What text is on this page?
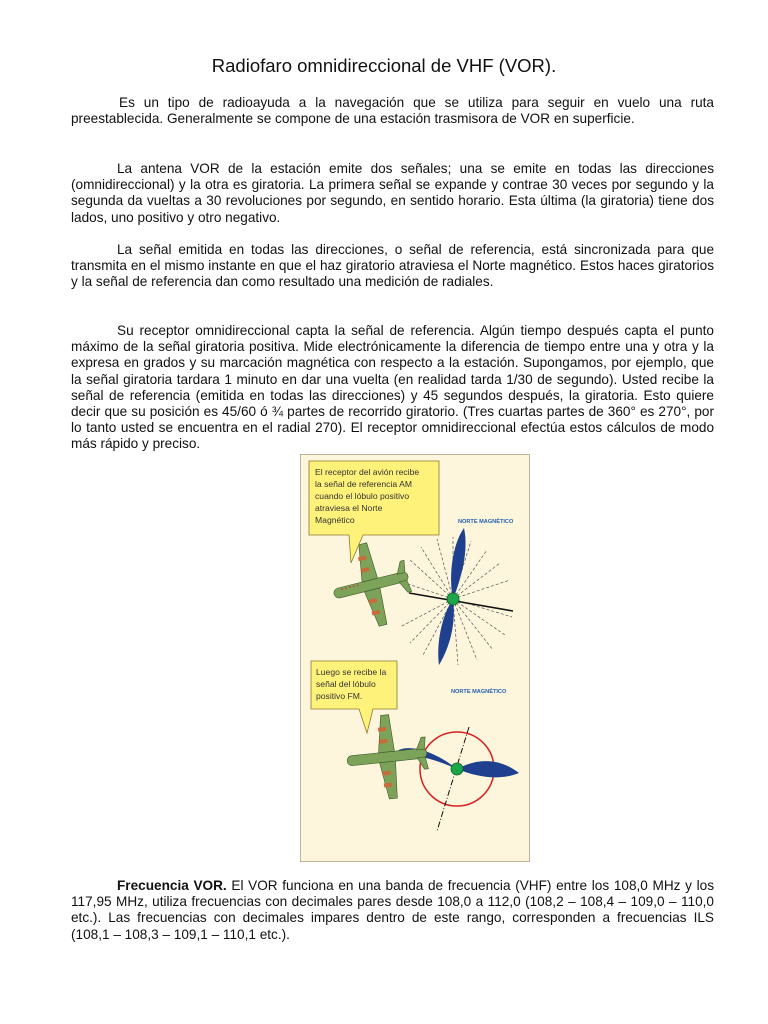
Radiofaro omnidireccional de VHF (VOR).

Es un tipo de radioayuda a la navegación que se utiliza para seguir en vuelo una ruta preestablecida. Generalmente se compone de una estación trasmisora de VOR en superficie.

La antena VOR de la estación emite dos señales; una se emite en todas las direcciones (omnidireccional) y la otra es giratoria. La primera señal se expande y contrae 30 veces por segundo y la segunda da vueltas a 30 revoluciones por segundo, en sentido horario. Esta última (la giratoria) tiene dos lados, uno positivo y otro negativo.

La señal emitida en todas las direcciones, o señal de referencia, está sincronizada para que transmita en el mismo instante en que el haz giratorio atraviesa el Norte magnético. Estos haces giratorios y la señal de referencia dan como resultado una medición de radiales.

Su receptor omnidireccional capta la señal de referencia. Algún tiempo después capta el punto máximo de la señal giratoria positiva. Mide electrónicamente la diferencia de tiempo entre una y otra y la expresa en grados y su marcación magnética con respecto a la estación. Supongamos, por ejemplo, que la señal giratoria tardara 1 minuto en dar una vuelta (en realidad tarda 1/30 de segundo). Usted recibe la señal de referencia (emitida en todas las direcciones) y 45 segundos después, la giratoria. Esto quiere decir que su posición es 45/60 ó ¾ partes de recorrido giratorio. (Tres cuartas partes de 360° es 270°, por lo tanto usted se encuentra en el radial 270). El receptor omnidireccional efectúa estos cálculos de modo más rápido y preciso.

NORTE MAGNÉTICO
El receptor del avión recibe
la señal de referencia AM
cuando el lóbulo positivo
atraviesa el Norte
Magnético
NORTE MAGNÉTICO
Luego se recibe la
señal del lóbulo
positivo FM.

Frecuencia VOR. El VOR funciona en una banda de frecuencia (VHF) entre los 108,0 MHz y los 117,95 MHz, utiliza frecuencias con decimales pares desde 108,0 a 112,0 (108,2 – 108,4 – 109,0 – 110,0 etc.). Las frecuencias con decimales impares dentro de este rango, corresponden a frecuencias ILS (108,1 – 108,3 – 109,1 – 110,1 etc.).
